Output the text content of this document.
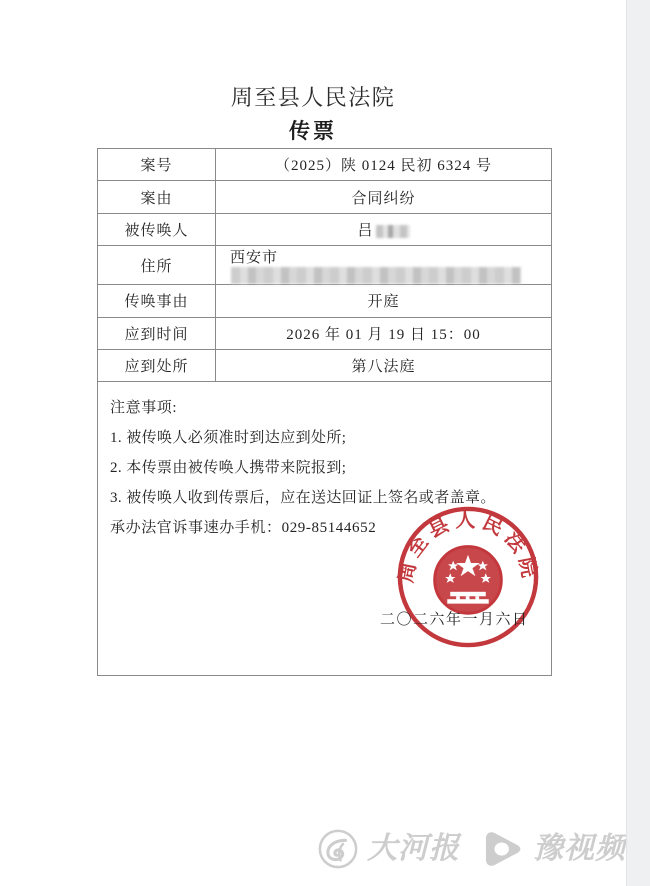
周至县人民法院
传票
案号	（2025）陕 0124 民初 6324 号
案由	合同纠纷
被传唤人	吕
住所	西安市
传唤事由	开庭
应到时间	2026 年 01 月 19 日 15：00
应到处所	第八法庭

注意事项:
1. 被传唤人必须准时到达应到处所;
2. 本传票由被传唤人携带来院报到;
3. 被传唤人收到传票后，应在送达回证上签名或者盖章。
承办法官诉事速办手机：029-85144652
周至县人民法院
二〇二六年一月六日
大河报 豫视频
